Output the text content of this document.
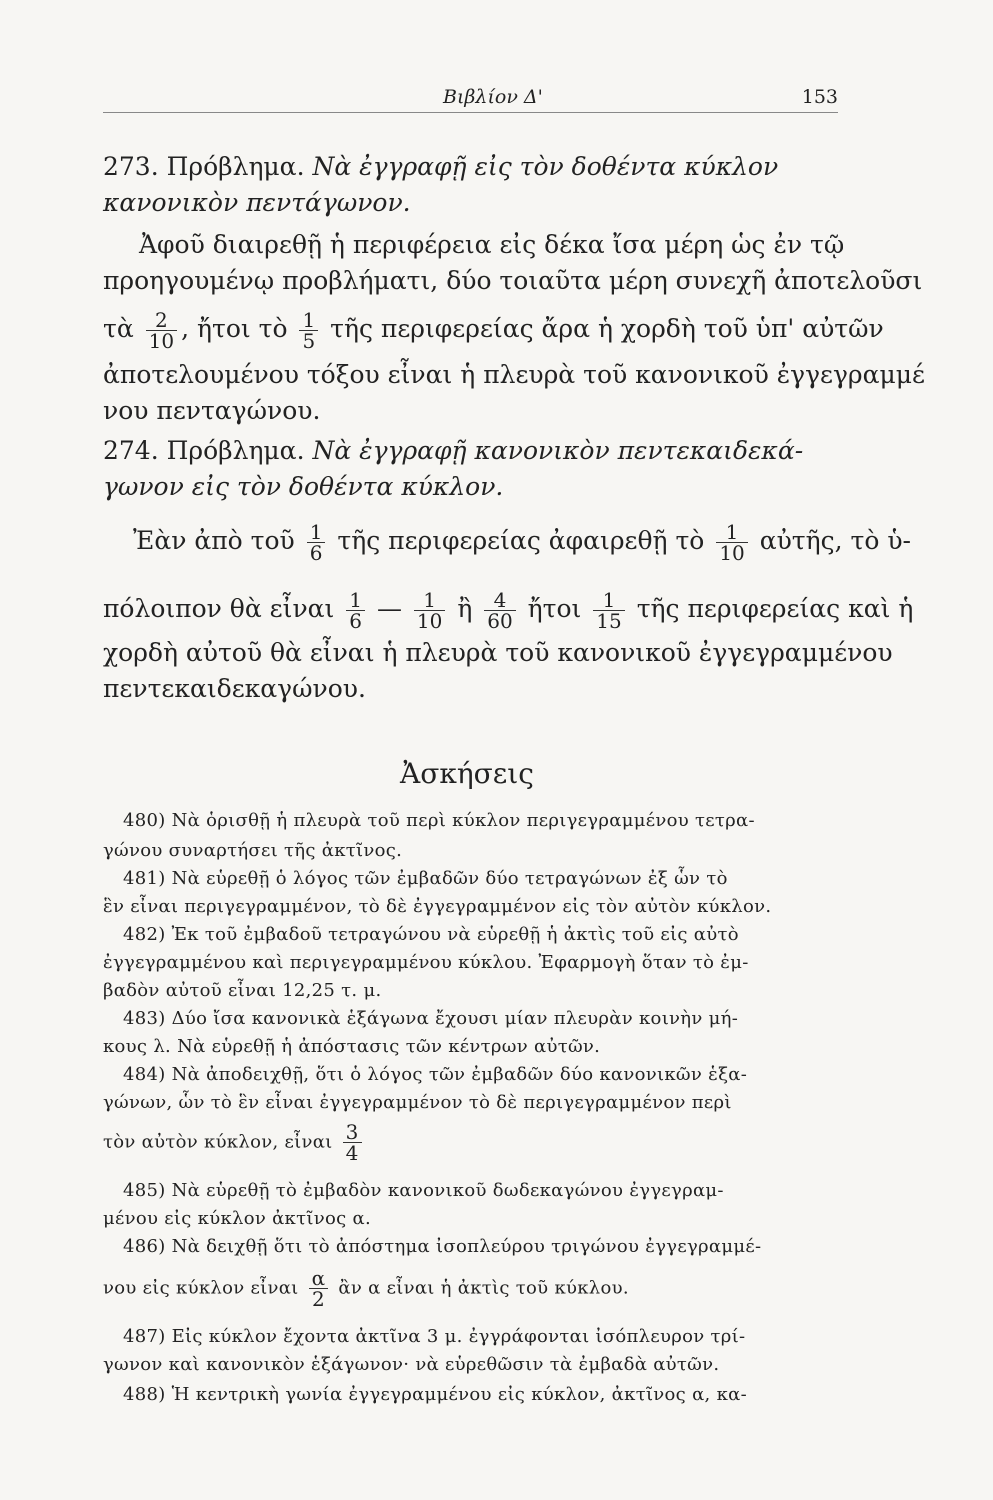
Βιβλίον Δ'	153
273. Πρόβλημα. Νὰ ἐγγραφῇ εἰς τὸν δοθέντα κύκλον
κανονικὸν πεντάγωνον.
Ἀφοῦ διαιρεθῇ ἡ περιφέρεια εἰς δέκα ἴσα μέρη ὡς ἐν τῷ
προηγουμένῳ προβλήματι, δύο τοιαῦτα μέρη συνεχῆ ἀποτελοῦσι
τὰ $\frac{2}{10}$ , ἤτοι τὸ $\frac{1}{5}$ τῆς περιφερείας ἄρα ἡ χορδὴ τοῦ ὑπ' αὐτῶν
ἀποτελουμένου τόξου εἶναι ἡ πλευρὰ τοῦ κανονικοῦ ἐγγεγραμμέ
νου πενταγώνου.
274. Πρόβλημα. Νὰ ἐγγραφῇ κανονικὸν πεντεκαιδεκά-
γωνον εἰς τὸν δοθέντα κύκλον.
Ἐὰν ἀπὸ τοῦ $\frac{1}{6}$ τῆς περιφερείας ἀφαιρεθῇ τὸ $\frac{1}{10}$ αὐτῆς, τὸ ὑ-
πόλοιπον θὰ εἶναι $\frac{1}{6}$ — $\frac{1}{10}$ ἢ $\frac{4}{60}$ ἤτοι $\frac{1}{15}$ τῆς περιφερείας καὶ ἡ
χορδὴ αὐτοῦ θὰ εἶναι ἡ πλευρὰ τοῦ κανονικοῦ ἐγγεγραμμένου
πεντεκαιδεκαγώνου.
Ἀσκήσεις
480) Νὰ ὁρισθῇ ἡ πλευρὰ τοῦ περὶ κύκλον περιγεγραμμένου τετρα-
γώνου συναρτήσει τῆς ἀκτῖνος.
481) Νὰ εὑρεθῇ ὁ λόγος τῶν ἐμβαδῶν δύο τετραγώνων ἐξ ὧν τὸ
ἓν εἶναι περιγεγραμμένον, τὸ δὲ ἐγγεγραμμένον εἰς τὸν αὐτὸν κύκλον.
482) Ἐκ τοῦ ἐμβαδοῦ τετραγώνου νὰ εὑρεθῇ ἡ ἀκτὶς τοῦ εἰς αὐτὸ
ἐγγεγραμμένου καὶ περιγεγραμμένου κύκλου. Ἐφαρμογὴ ὅταν τὸ ἐμ-
βαδὸν αὐτοῦ εἶναι 12,25 τ. μ.
483) Δύο ἴσα κανονικὰ ἑξάγωνα ἔχουσι μίαν πλευρὰν κοινὴν μή-
κους λ. Νὰ εὑρεθῇ ἡ ἀπόστασις τῶν κέντρων αὐτῶν.
484) Νὰ ἀποδειχθῇ, ὅτι ὁ λόγος τῶν ἐμβαδῶν δύο κανονικῶν ἑξα-
γώνων, ὧν τὸ ἓν εἶναι ἐγγεγραμμένον τὸ δὲ περιγεγραμμένον περὶ
τὸν αὐτὸν κύκλον, εἶναι $\frac{3}{4}$
485) Νὰ εὑρεθῇ τὸ ἐμβαδὸν κανονικοῦ δωδεκαγώνου ἐγγεγραμ-
μένου εἰς κύκλον ἀκτῖνος α.
486) Νὰ δειχθῇ ὅτι τὸ ἀπόστημα ἰσοπλεύρου τριγώνου ἐγγεγραμμέ-
νου εἰς κύκλον εἶναι $\frac{\alpha}{2}$ ἂν α εἶναι ἡ ἀκτὶς τοῦ κύκλου.
487) Εἰς κύκλον ἔχοντα ἀκτῖνα 3 μ. ἐγγράφονται ἰσόπλευρον τρί-
γωνον καὶ κανονικὸν ἑξάγωνον· νὰ εὑρεθῶσιν τὰ ἐμβαδὰ αὐτῶν.
488) Ἡ κεντρικὴ γωνία ἐγγεγραμμένου εἰς κύκλον, ἀκτῖνος α, κα-
